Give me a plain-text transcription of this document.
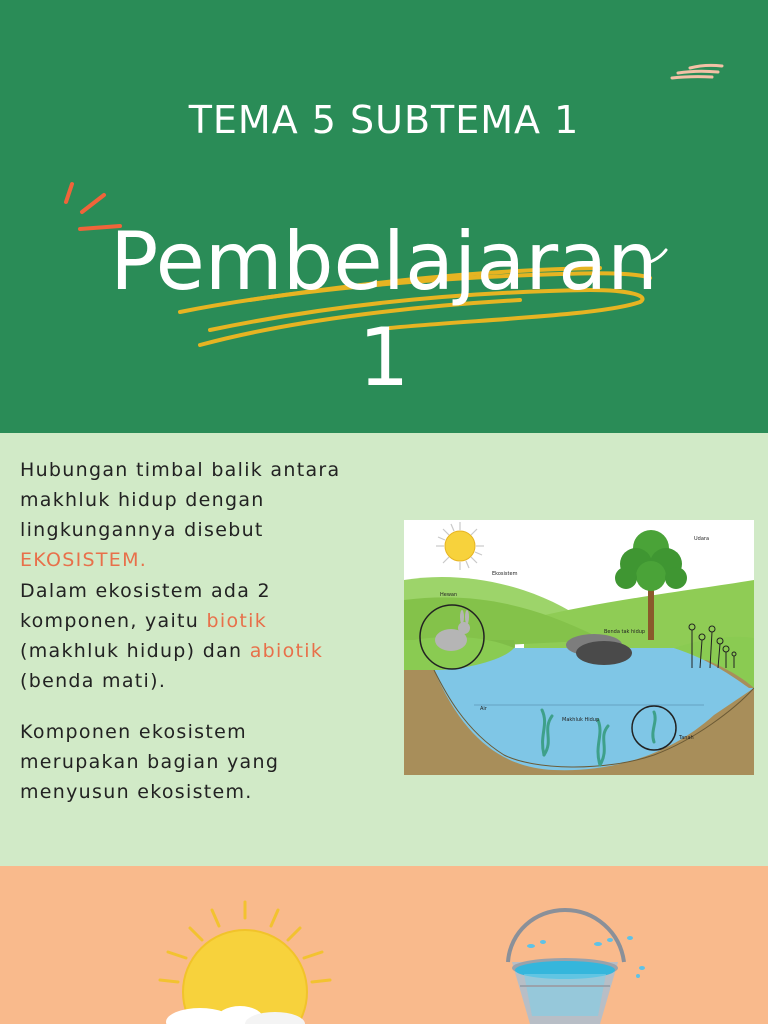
TEMA 5 SUBTEMA 1
Pembelajaran
1
Hubungan timbal balik antara
makhluk hidup dengan
lingkungannya disebut
EKOSISTEM.
Dalam ekosistem ada 2
komponen, yaitu biotik
(makhluk hidup) dan abiotik
(benda mati).
Komponen ekosistem
merupakan bagian yang
menyusun ekosistem.
Udara
Ekosistem
Hewan
Benda tak hidup
Air
Makhluk Hidup
Tanah
